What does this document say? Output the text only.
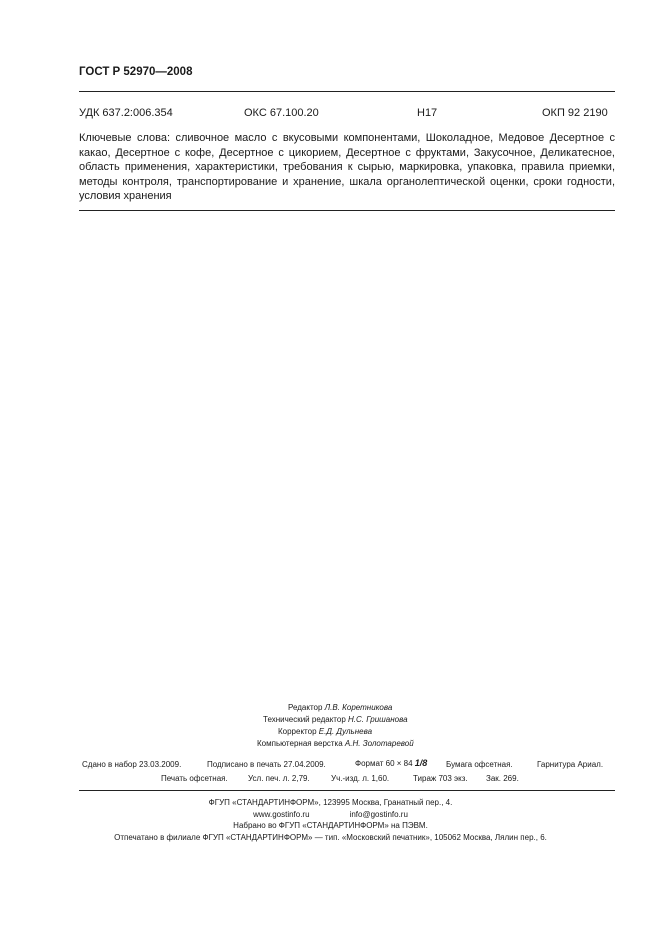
ГОСТ Р 52970—2008
УДК 637.2:006.354	ОКС 67.100.20	Н17	ОКП 92 2190

Ключевые слова: сливочное масло с вкусовыми компонентами, Шоколадное, Медовое Десертное с какао, Десертное с кофе, Десертное с цикорием, Десертное с фруктами, Закусочное, Деликатесное, область применения, характеристики, требования к сырью, маркировка, упаковка, правила приемки, методы контроля, транспортирование и хранение, шкала органолептической оценки, сроки годности, условия хранения

Редактор Л.В. Коретникова
Технический редактор Н.С. Гришанова
Корректор Е.Д. Дульнева
Компьютерная верстка А.Н. Золотаревой
Сдано в набор 23.03.2009.	Подписано в печать 27.04.2009.	Формат 60 × 84 1/8 Бумага офсетная.	Гарнитура Ариал.
Печать офсетная.	Усл. печ. л. 2,79.	Уч.-изд. л. 1,60.	Тираж 703 экз. Зак. 269.
ФГУП «СТАНДАРТИНФОРМ», 123995 Москва, Гранатный пер., 4.
www.gostinfo.ru	info@gostinfo.ru
Набрано во ФГУП «СТАНДАРТИНФОРМ» на ПЭВМ.
Отпечатано в филиале ФГУП «СТАНДАРТИНФОРМ» — тип. «Московский печатник», 105062 Москва, Лялин пер., 6.
